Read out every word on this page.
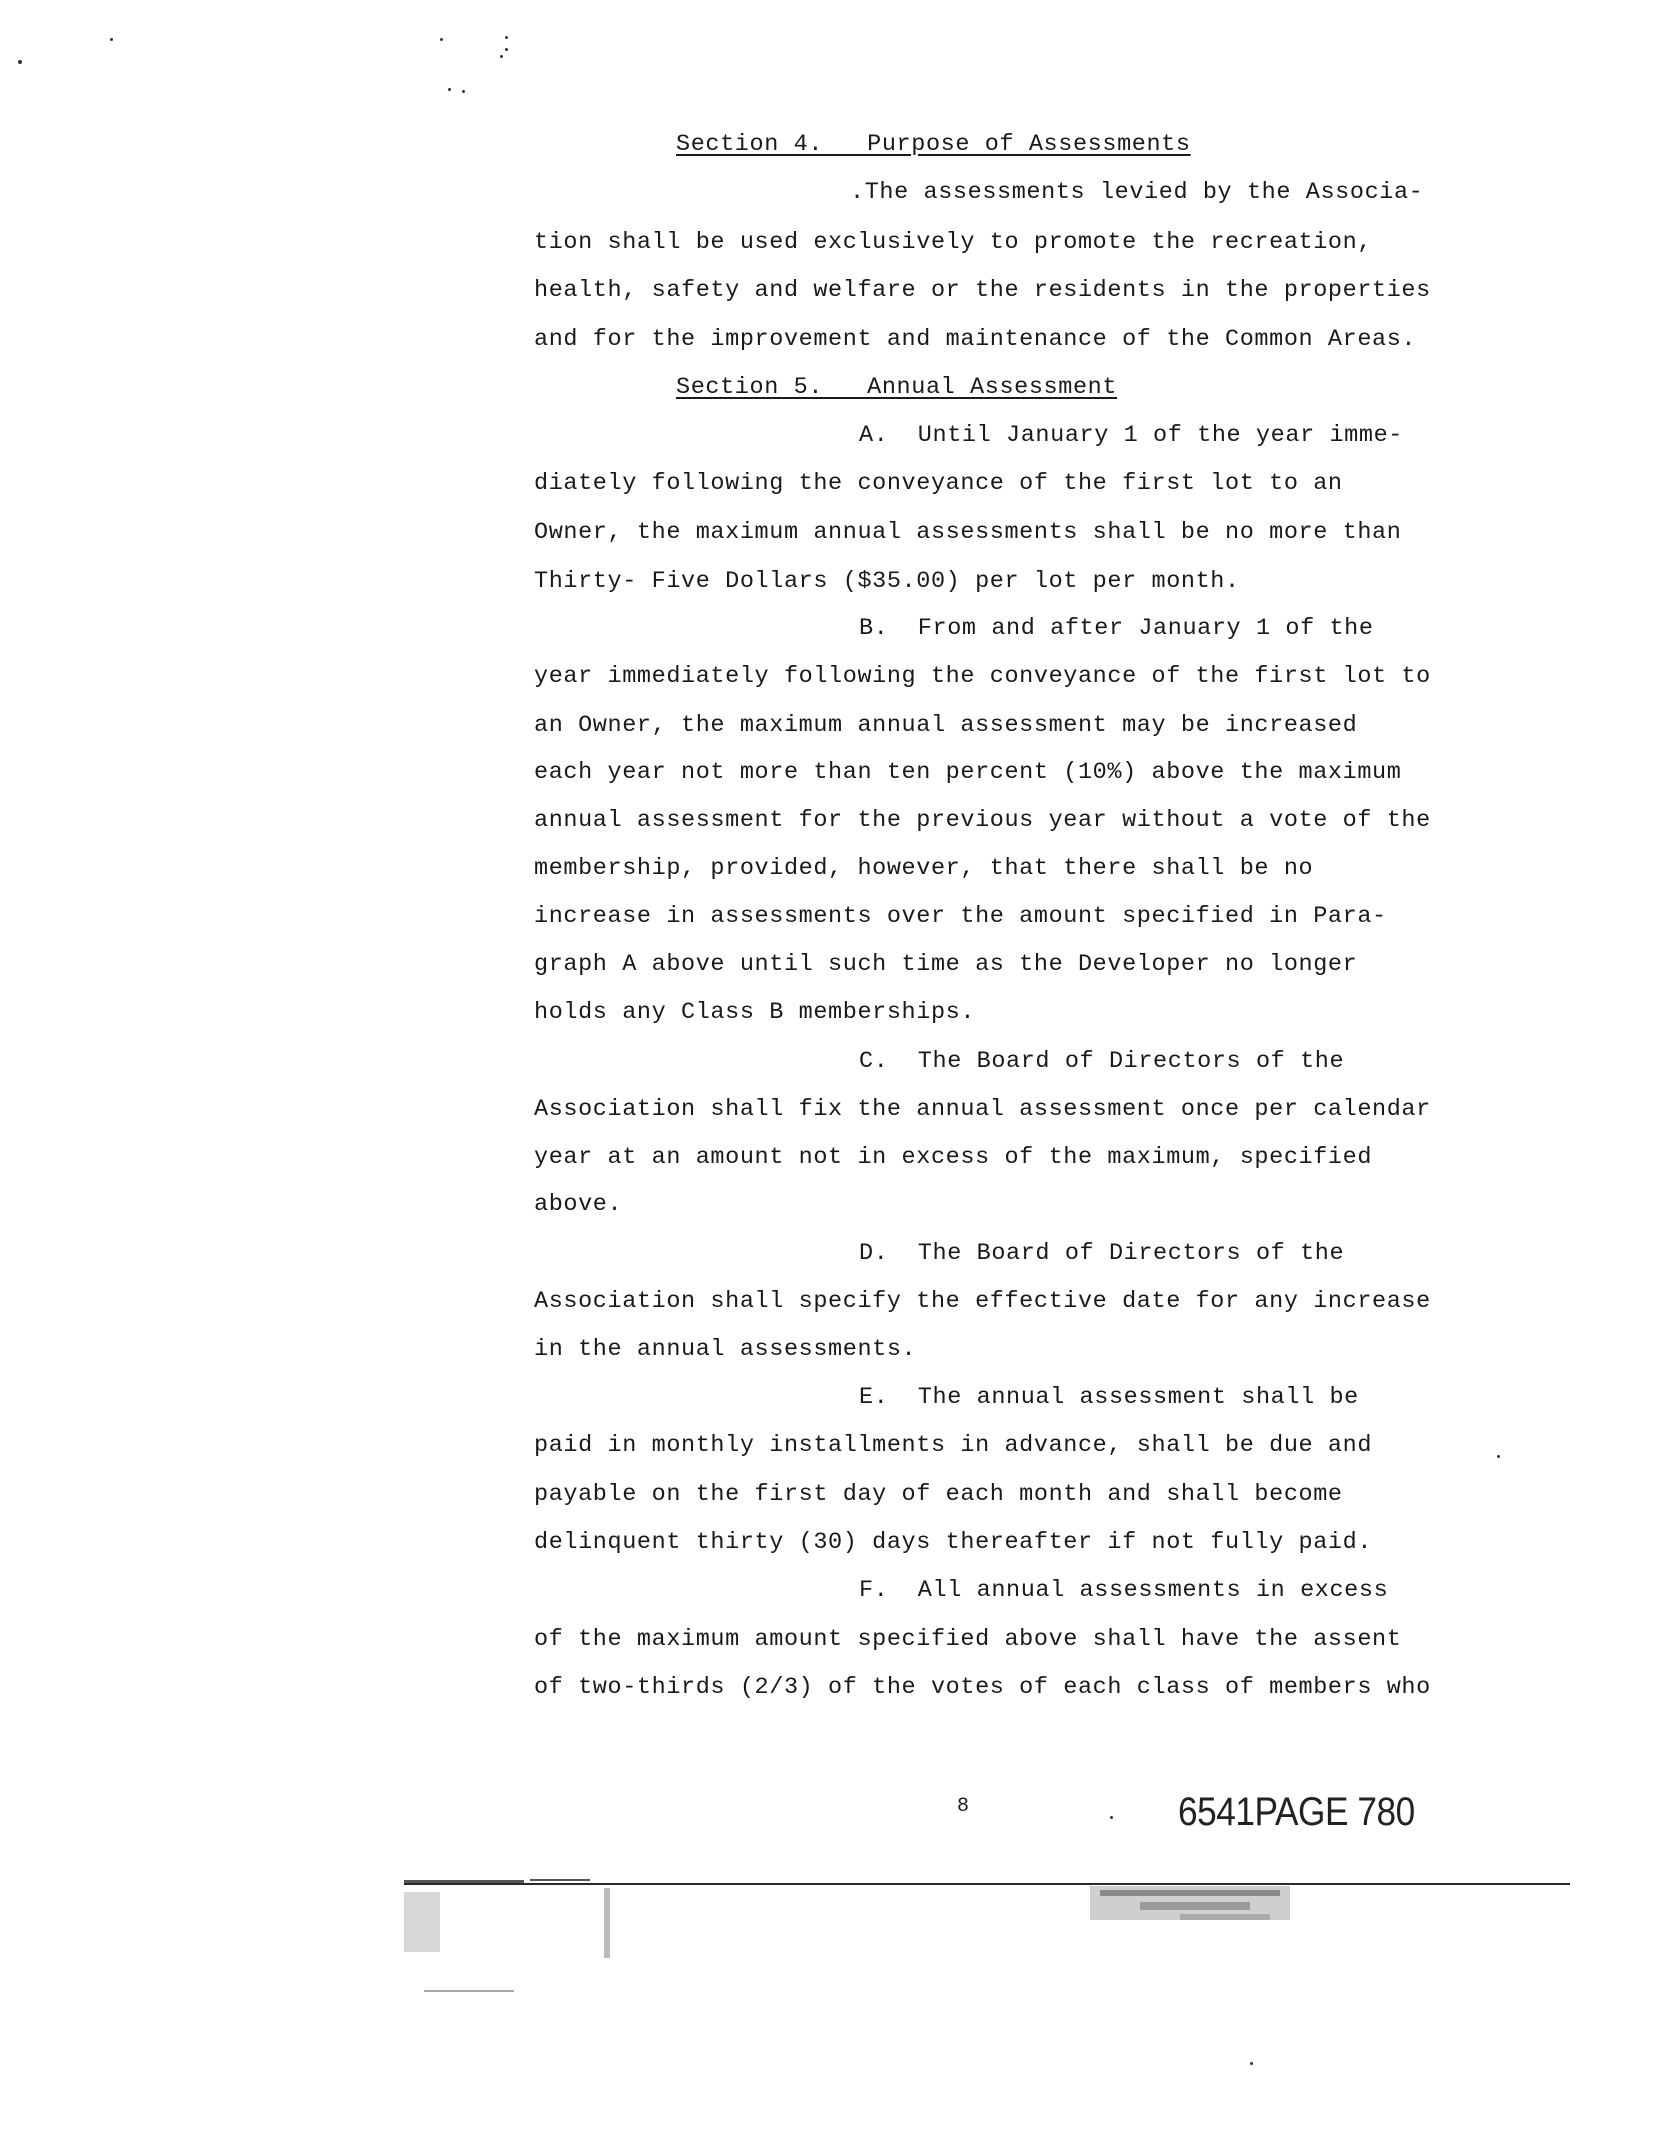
Section 4.   Purpose of Assessments
.The assessments levied by the Associa-
tion shall be used exclusively to promote the recreation,
health, safety and welfare or the residents in the properties
and for the improvement and maintenance of the Common Areas.
Section 5.   Annual Assessment
A.  Until January 1 of the year imme-
diately following the conveyance of the first lot to an
Owner, the maximum annual assessments shall be no more than
Thirty- Five Dollars ($35.00) per lot per month.
B.  From and after January 1 of the
year immediately following the conveyance of the first lot to
an Owner, the maximum annual assessment may be increased
each year not more than ten percent (10%) above the maximum
annual assessment for the previous year without a vote of the
membership, provided, however, that there shall be no
increase in assessments over the amount specified in Para-
graph A above until such time as the Developer no longer
holds any Class B memberships.
C.  The Board of Directors of the
Association shall fix the annual assessment once per calendar
year at an amount not in excess of the maximum, specified
above.
D.  The Board of Directors of the
Association shall specify the effective date for any increase
in the annual assessments.
E.  The annual assessment shall be
paid in monthly installments in advance, shall be due and
payable on the first day of each month and shall become
delinquent thirty (30) days thereafter if not fully paid.
F.  All annual assessments in excess
of the maximum amount specified above shall have the assent
of two-thirds (2/3) of the votes of each class of members who
8	6541PAGE 780
